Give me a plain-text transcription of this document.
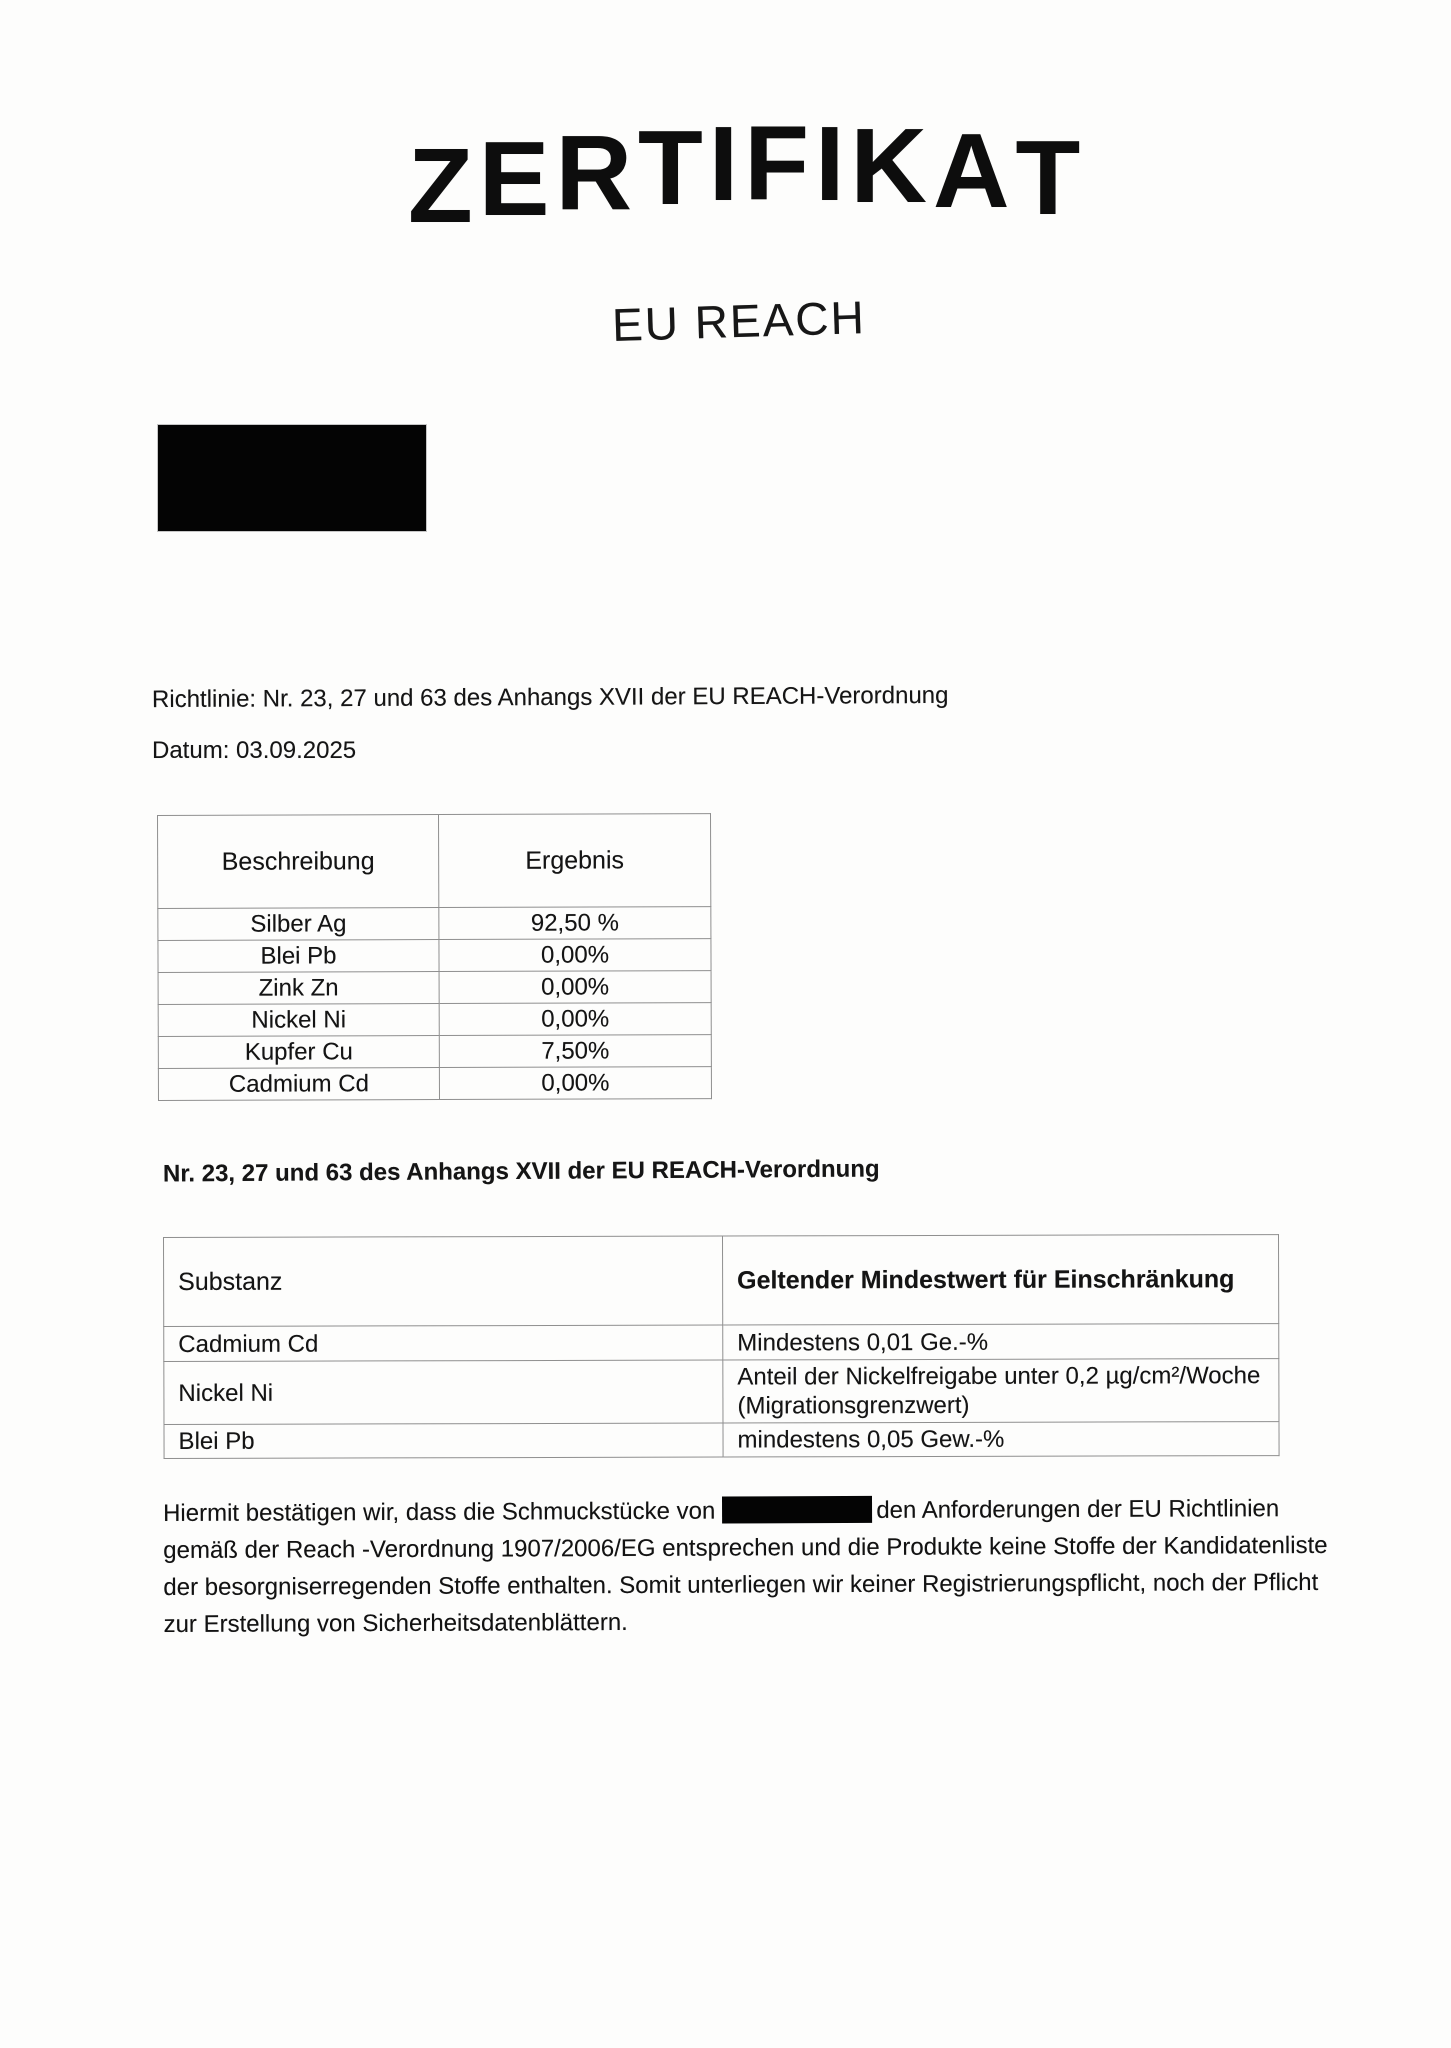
ZERTIFIKAT
EU REACH
Richtlinie: Nr. 23, 27 und 63 des Anhangs XVII der EU REACH-Verordnung
Datum: 03.09.2025
Beschreibung	Ergebnis
Silber Ag	92,50 %
Blei Pb	0,00%
Zink Zn	0,00%
Nickel Ni	0,00%
Kupfer Cu	7,50%
Cadmium Cd	0,00%
Nr. 23, 27 und 63 des Anhangs XVII der EU REACH-Verordnung
Substanz	Geltender Mindestwert für Einschränkung
Cadmium Cd	Mindestens 0,01 Ge.-%
Nickel Ni	Anteil der Nickelfreigabe unter 0,2 µg/cm²/Woche (Migrationsgrenzwert)
Blei Pb	mindestens 0,05 Gew.-%
Hiermit bestätigen wir, dass die Schmuckstücke von	den Anforderungen der EU Richtlinien
gemäß der Reach -Verordnung 1907/2006/EG entsprechen und die Produkte keine Stoffe der Kandidatenliste
der besorgniserregenden Stoffe enthalten. Somit unterliegen wir keiner Registrierungspflicht, noch der Pflicht
zur Erstellung von Sicherheitsdatenblättern.
